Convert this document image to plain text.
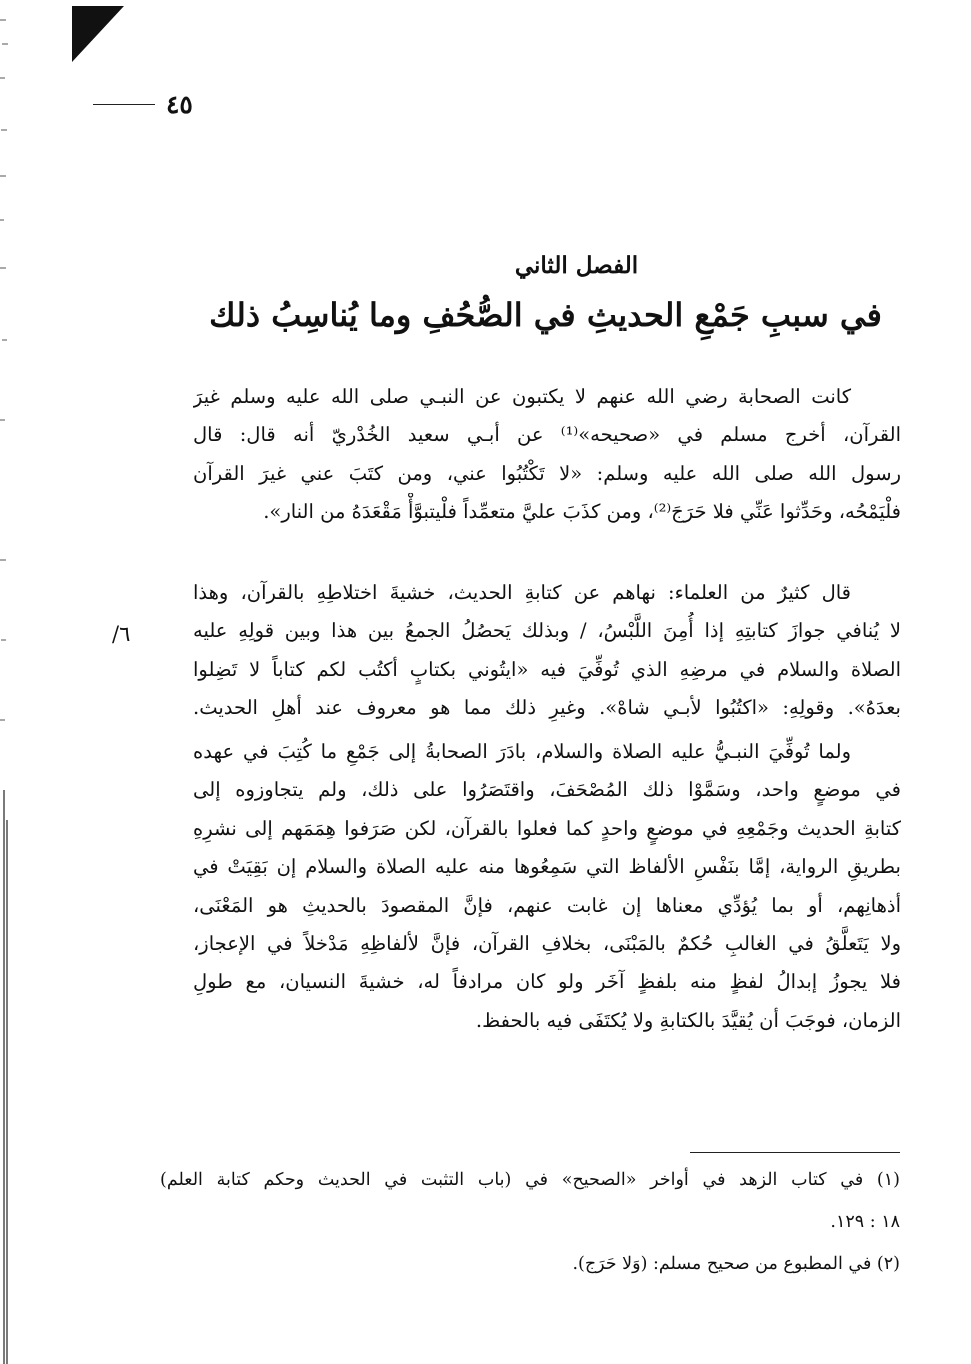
٤٥
الفصل الثاني
في سببِ جَمْعِ الحديثِ في الصُّحُفِ وما يُناسِبُ ذلك
كانت الصحابة رضي الله عنهم لا يكتبون عن النبـي صلى الله عليه وسلم غيرَ
القرآن، أخرج مسلم في «صحيحه»⁽¹⁾ عن أبـي سعيد الخُدْريّ أنه قال: قال
رسول الله صلى الله عليه وسلم: «لا تَكْتُبُوا عني، ومن كتَبَ عني غيرَ القرآن
فلْيَمْحُه، وحَدِّثوا عَنِّي فلا حَرَجَ⁽²⁾، ومن كذَبَ عليَّ متعمِّداً فلْيتبوَّأْ مَقْعَدَهُ من النار».
قال كثيرٌ من العلماء: نهاهم عن كتابةِ الحديث، خشيةَ اختلاطِهِ بالقرآن، وهذا
لا يُنافي جوازَ كتابتِهِ إذا أُمِنَ اللَّبْسُ، / وبذلك يَحصُلُ الجمعُ بين هذا وبين قولِهِ عليه
الصلاة والسلام في مرضِهِ الذي تُوفِّيَ فيه «ايتُوني بكتابٍ أكتُب لكم كتاباً لا تَضِلوا
بعدَهُ». وقولِهِ: «اكتُبُوا لأبـي شاهْ». وغيرِ ذلك مما هو معروف عند أهلِ الحديث.
٦/
ولما تُوفِّيَ النبـيُّ عليه الصلاة والسلام، بادَرَ الصحابةُ إلى جَمْعِ ما كُتِبَ في عهده
في موضعٍ واحد، وسَمَّوْا ذلك المُصْحَفَ، واقتَصَرُوا على ذلك، ولم يتجاوزوه إلى
كتابةِ الحديث وجَمْعِهِ في موضعٍ واحدٍ كما فعلوا بالقرآن، لكن صَرَفوا هِمَمَهم إلى نشرِهِ
بطريقِ الرواية، إمَّا بنَفْسِ الألفاظ التي سَمِعُوها منه عليه الصلاة والسلام إن بَقِيَتْ في
أذهانِهم، أو بما يُؤدِّي معناها إن غابت عنهم، فإنَّ المقصودَ بالحديثِ هو المَعْنَى،
ولا يَتَعلَّقُ في الغالبِ حُكمٌ بالمَبْنَى، بخلافِ القرآن، فإنَّ لألفاظِهِ مَدْخلاً في الإعجاز،
فلا يجوزُ إبدالُ لفظٍ منه بلفظٍ آخَر ولو كان مرادفاً له، خشيةَ النسيان، مع طولِ
الزمان، فوجَبَ أن يُقيَّدَ بالكتابةِ ولا يُكتَفَى فيه بالحفظ.
(١) في كتاب الزهد في أواخر «الصحيح» في (باب التثبت في الحديث وحكم كتابة العلم)
١٨ : ١٢٩.
(٢) في المطبوع من صحيح مسلم: (وَلا حَرَج).
